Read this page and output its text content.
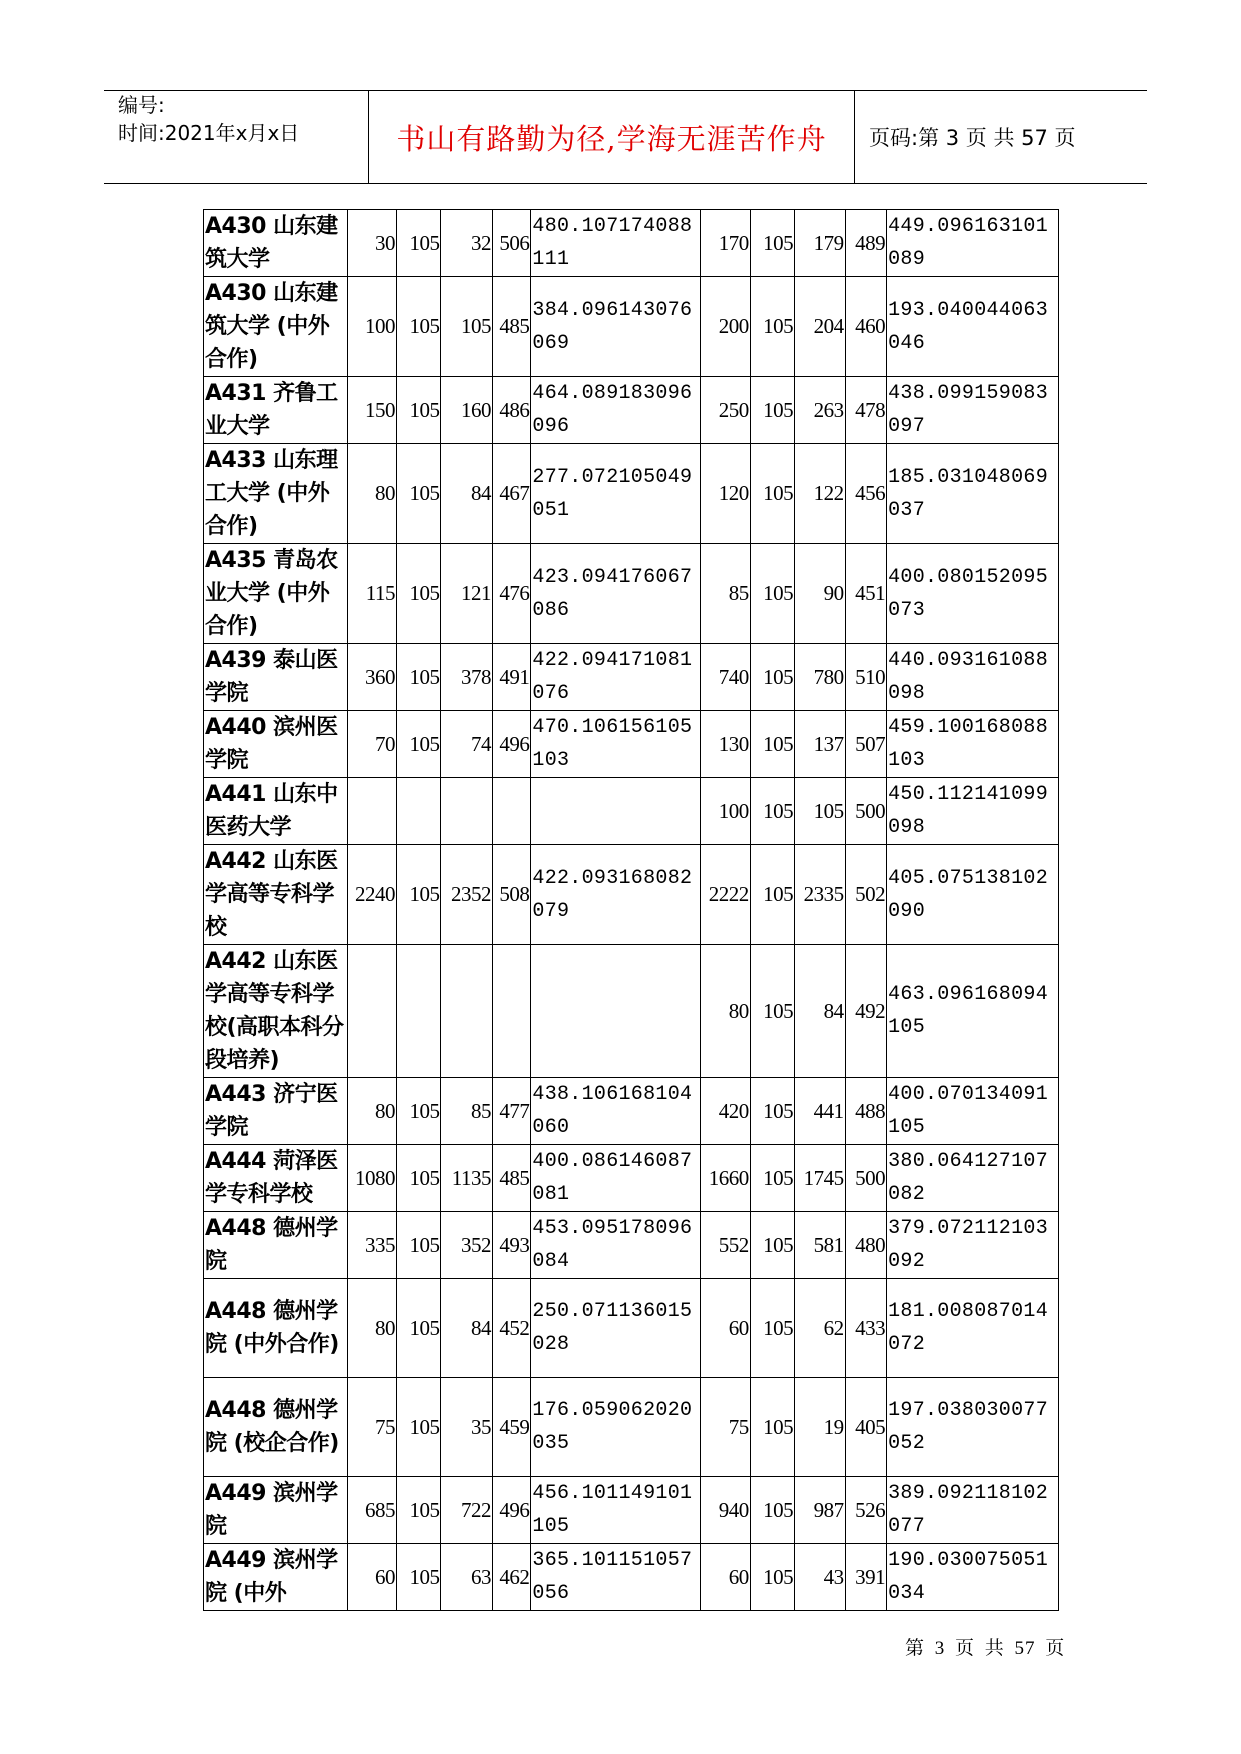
编号:
时间:2021年x月x日	书山有路勤为径,学海无涯苦作舟	页码:第 3 页 共 57 页
A430 山东建筑大学	30	105	32	506	480.107174088111	170	105	179	489	449.096163101089
A430 山东建筑大学 (中外合作)	100	105	105	485	384.096143076069	200	105	204	460	193.040044063046
A431 齐鲁工业大学	150	105	160	486	464.089183096096	250	105	263	478	438.099159083097
A433 山东理工大学 (中外合作)	80	105	84	467	277.072105049051	120	105	122	456	185.031048069037
A435 青岛农业大学 (中外合作)	115	105	121	476	423.094176067086	85	105	90	451	400.080152095073
A439 泰山医学院	360	105	378	491	422.094171081076	740	105	780	510	440.093161088098
A440 滨州医学院	70	105	74	496	470.106156105103	130	105	137	507	459.100168088103
A441 山东中医药大学						100	105	105	500	450.112141099098
A442 山东医学高等专科学校	2240	105	2352	508	422.093168082079	2222	105	2335	502	405.075138102090
A442 山东医学高等专科学校(高职本科分段培养)						80	105	84	492	463.096168094105
A443 济宁医学院	80	105	85	477	438.106168104060	420	105	441	488	400.070134091105
A444 菏泽医学专科学校	1080	105	1135	485	400.086146087081	1660	105	1745	500	380.064127107082
A448 德州学院	335	105	352	493	453.095178096084	552	105	581	480	379.072112103092
A448 德州学院 (中外合作)	80	105	84	452	250.071136015028	60	105	62	433	181.008087014072
A448 德州学院 (校企合作)	75	105	35	459	176.059062020035	75	105	19	405	197.038030077052
A449 滨州学院	685	105	722	496	456.101149101105	940	105	987	526	389.092118102077
A449 滨州学院 (中外	60	105	63	462	365.101151057056	60	105	43	391	190.030075051034
第 3 页 共 57 页
